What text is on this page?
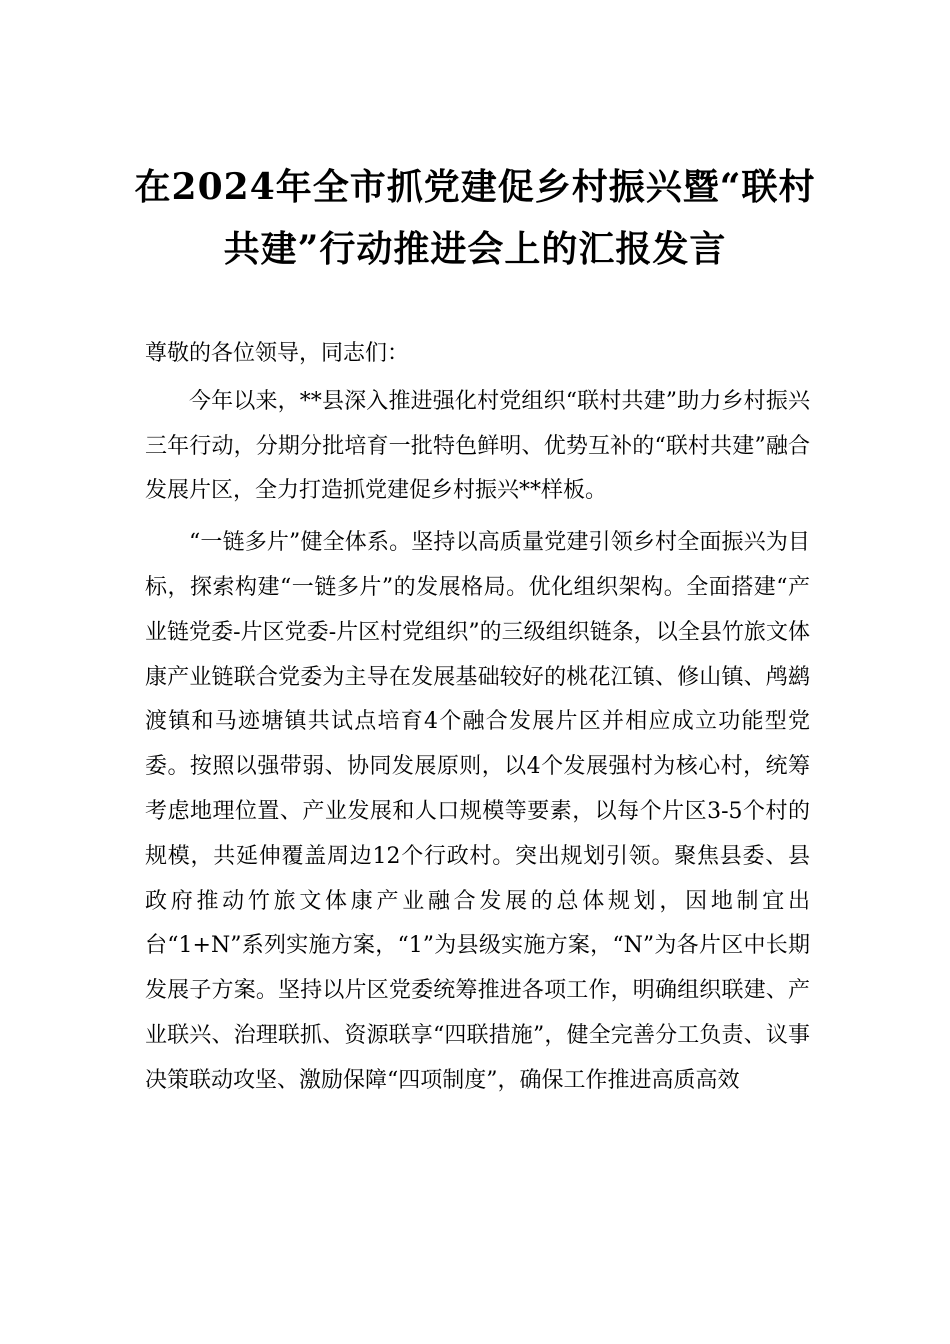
在2024年全市抓党建促乡村振兴暨“联村
共建”行动推进会上的汇报发言

尊敬的各位领导，同志们：

今年以来，**县深入推进强化村党组织“联村共建”助力乡村振兴三年行动，分期分批培育一批特色鲜明、优势互补的“联村共建”融合发展片区，全力打造抓党建促乡村振兴**样板。

“一链多片”健全体系。坚持以高质量党建引领乡村全面振兴为目标，探索构建“一链多片”的发展格局。优化组织架构。全面搭建“产业链党委-片区党委-片区村党组织”的三级组织链条，以全县竹旅文体康产业链联合党委为主导在发展基础较好的桃花江镇、修山镇、鸬鹚渡镇和马迹塘镇共试点培育4个融合发展片区并相应成立功能型党委。按照以强带弱、协同发展原则，以4个发展强村为核心村，统筹考虑地理位置、产业发展和人口规模等要素，以每个片区3-5个村的规模，共延伸覆盖周边12个行政村。突出规划引领。聚焦县委、县政府推动竹旅文体康产业融合发展的总体规划，因地制宜出台“1+N”系列实施方案，“1”为县级实施方案，“N”为各片区中长期发展子方案。坚持以片区党委统筹推进各项工作，明确组织联建、产业联兴、治理联抓、资源联享“四联措施”，健全完善分工负责、议事决策联动攻坚、激励保障“四项制度”，确保工作推进高质高效
